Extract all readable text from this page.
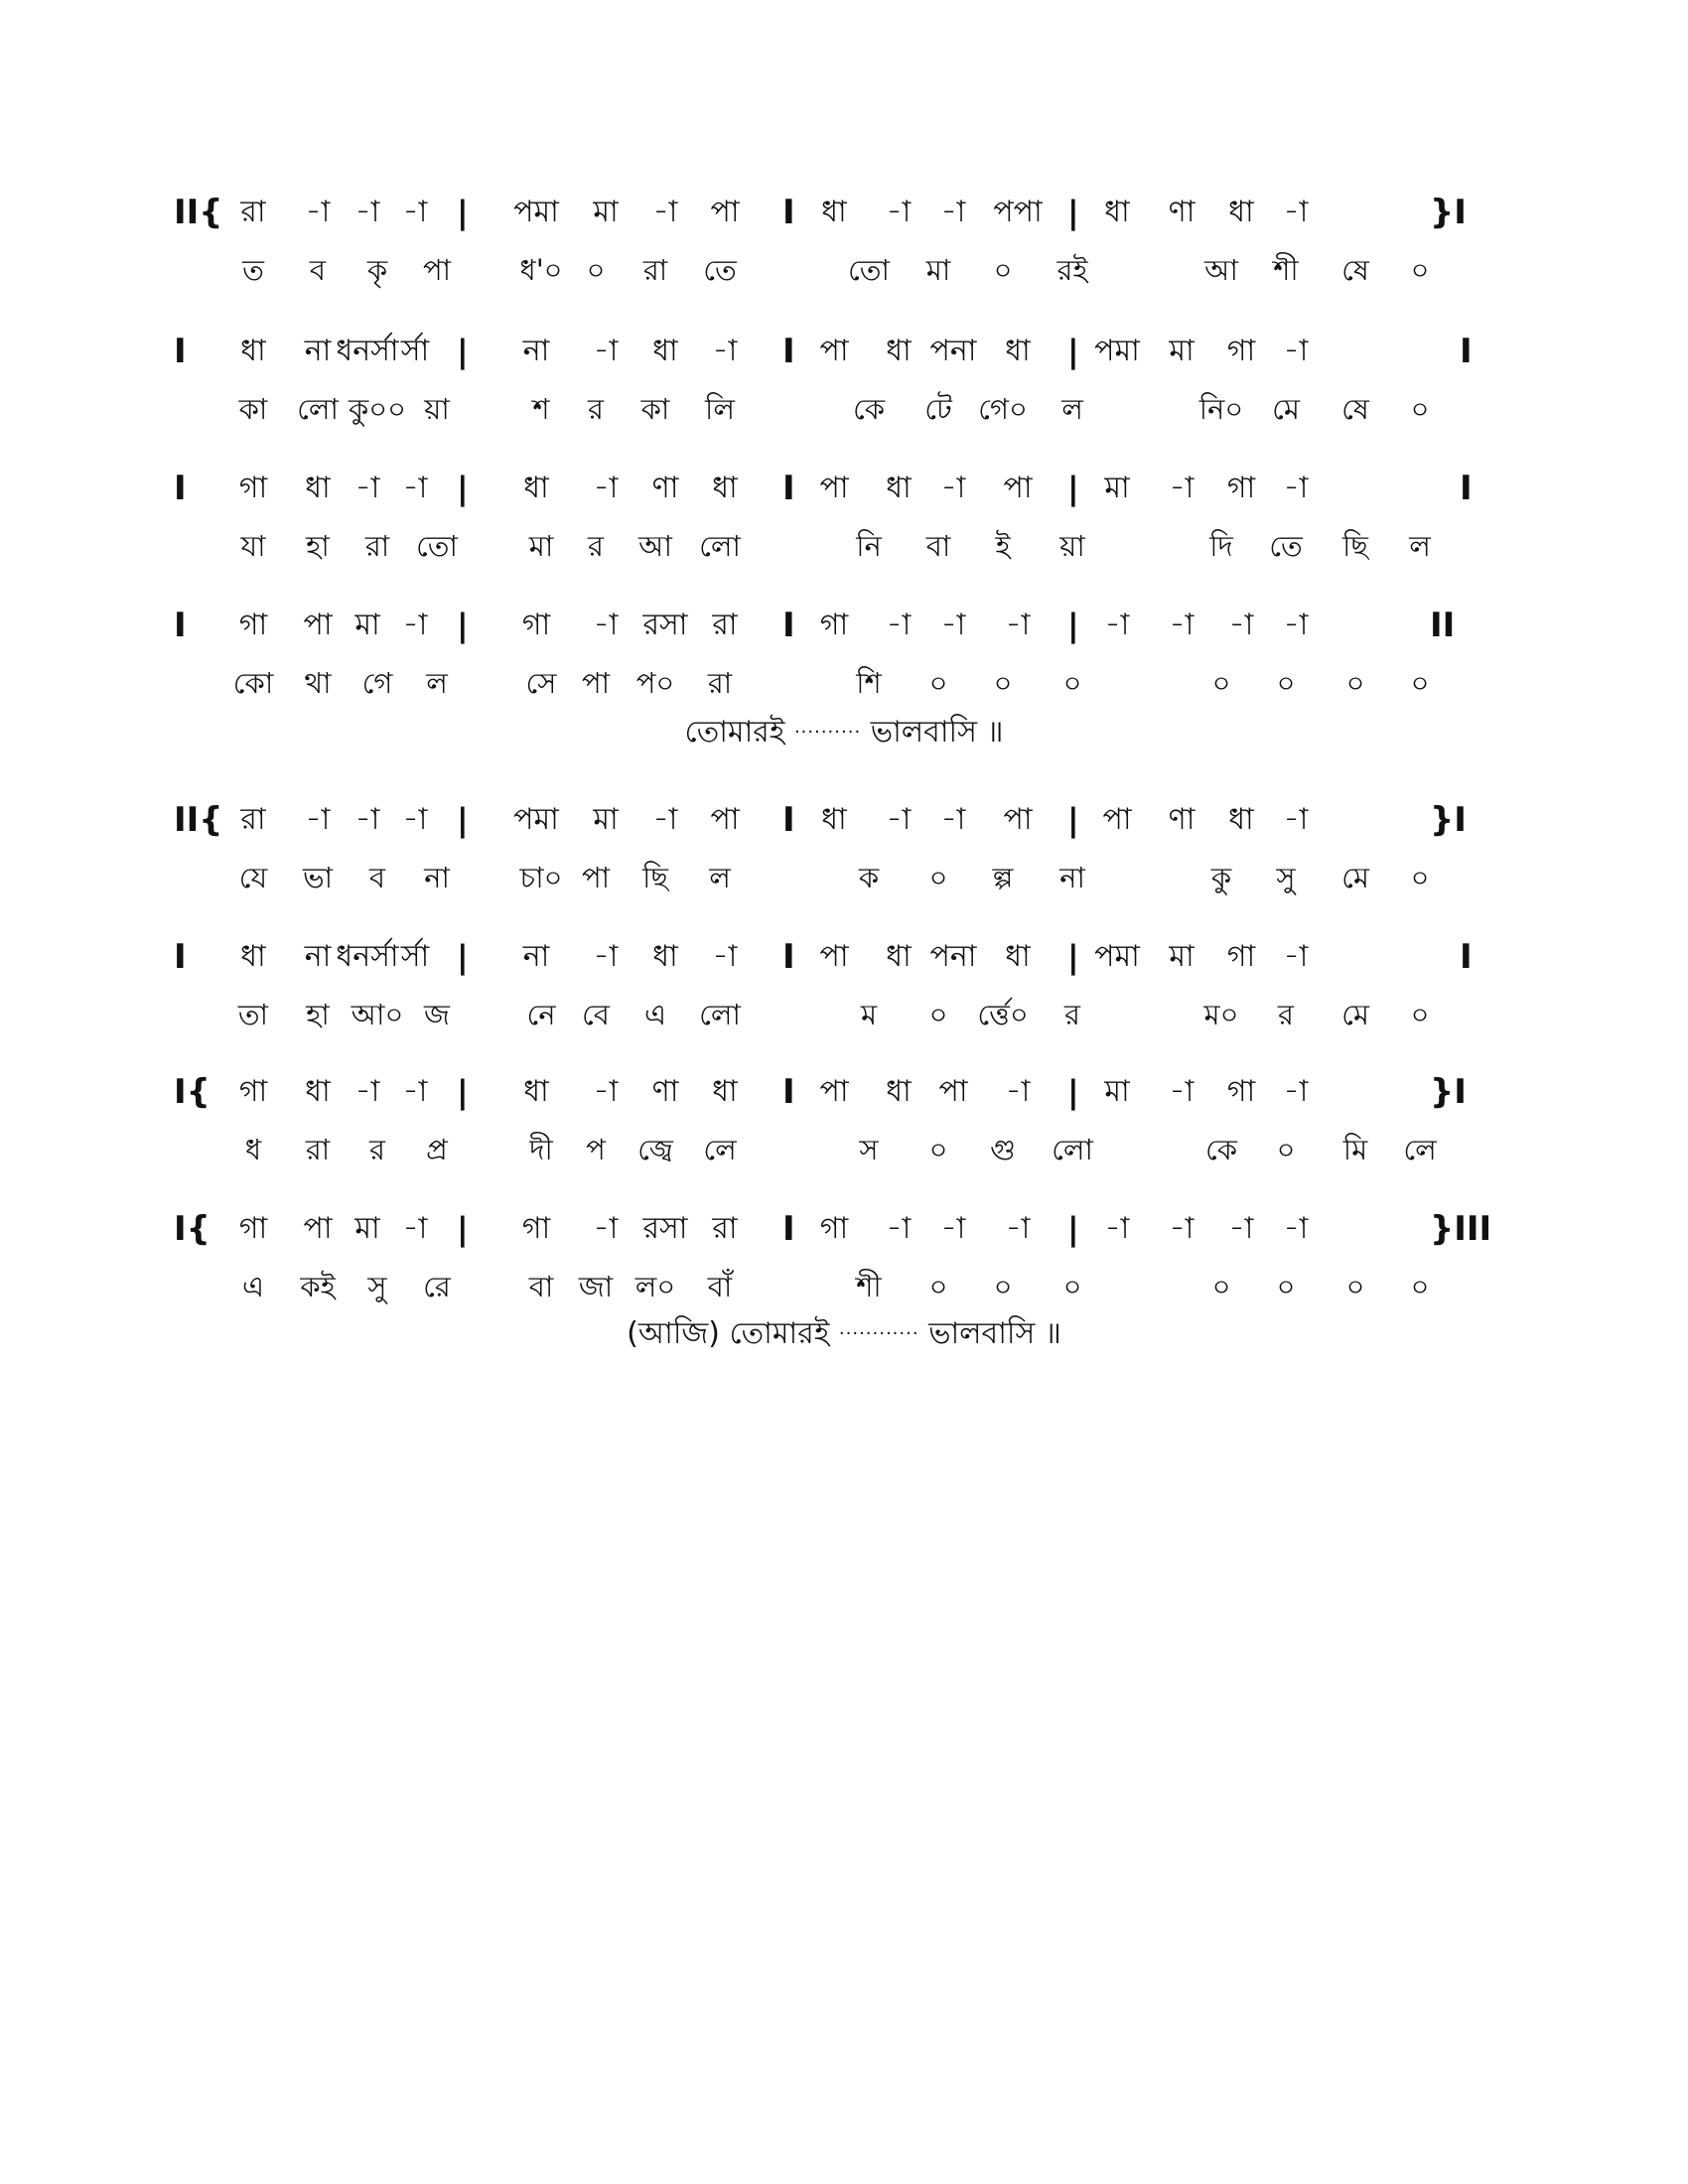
II{ রা -া -া -া | পমা মা -া পা I ধা -া -া পপা | ধা ণা ধা -া	}I
ত ব কৃ পা ধ'০ ০ রা তে	তো মা ০ রই	আ শী ষে ০
I ধা না ধনর্সা র্সা | না -া ধা -া I পা ধা পনা ধা | পমা মা গা -া	I
কা লো কু০০ য়া	শ র কা লি	কে টে গে০ ল	নি০ মে ষে ০
I গা ধা -া -া | ধা -া ণা ধা I পা ধা -া পা | মা -া গা -া	I
যা হা রা তো মা র আ লো	নি বা ই য়া	দি তে ছি ল
I গা পা মা -া | গা -া রসা রা I গা -া -া -া | -া -া -া -া	II
কো থা গে ল	সে পা প০ রা	শি ০ ০ ০	০ ০ ০ ০
তোমারই ·········· ভালবাসি ॥
II{ রা -া -া -া | পমা মা -া পা I ধা -া -া পা | পা ণা ধা -া	}I
যে ভা ব না চা০ পা ছি ল	ক ০ ল্প না	কু সু মে ০
I ধা না ধনর্সা র্সা | না -া ধা -া I পা ধা পনা ধা | পমা মা গা -া	I
তা হা আ০ জ	নে বে এ লো	ম ০ র্ত্তে০ র	ম০ র মে ০
I{ গা ধা -া -া | ধা -া ণা ধা I পা ধা পা -া | মা -া গা -া	}I
ধ রা র প্র	দী প জ্বে লে	স ০ গু লো	কে ০ মি লে
I{ গা পা মা -া | গা -া রসা রা I গা -া -া -া | -া -া -া -া	}III
এ কই সু রে	বা জা ল০ বাঁ	শী ০ ০ ০	০ ০ ০ ০
(আজি) তোমারই ············ ভালবাসি ॥
